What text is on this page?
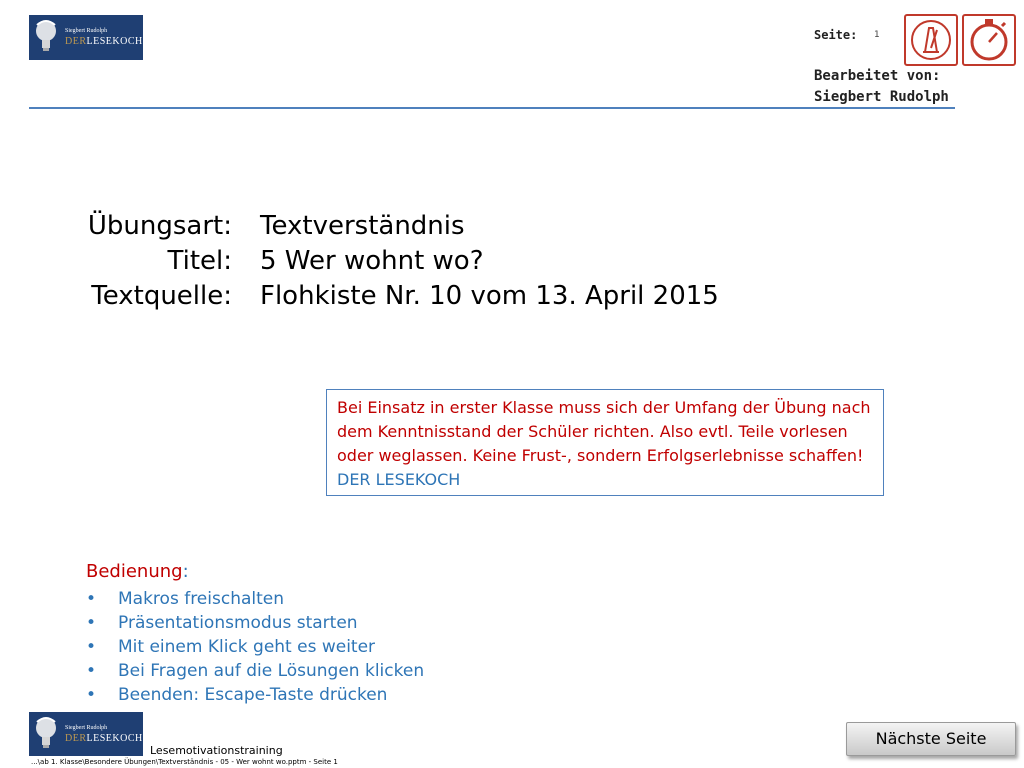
Siegbert Rudolph
DERLESEKOCH	Seite: 1
Bearbeitet von:
Siegbert Rudolph
Übungsart: Textverständnis
Titel: 5 Wer wohnt wo?
Textquelle: Flohkiste Nr. 10 vom 13. April 2015
Bei Einsatz in erster Klasse muss sich der Umfang der Übung nach dem Kenntnisstand der Schüler richten. Also evtl. Teile vorlesen oder weglassen. Keine Frust-, sondern Erfolgserlebnisse schaffen! DER LESEKOCH
Bedienung:
• Makros freischalten
• Präsentationsmodus starten
• Mit einem Klick geht es weiter
• Bei Fragen auf die Lösungen klicken
• Beenden: Escape-Taste drücken
Siegbert Rudolph
DERLESEKOCH
Lesemotivationstraining
...\ab 1. Klasse\Besondere Übungen\Textverständnis - 05 - Wer wohnt wo.pptm - Seite 1
Nächste Seite
